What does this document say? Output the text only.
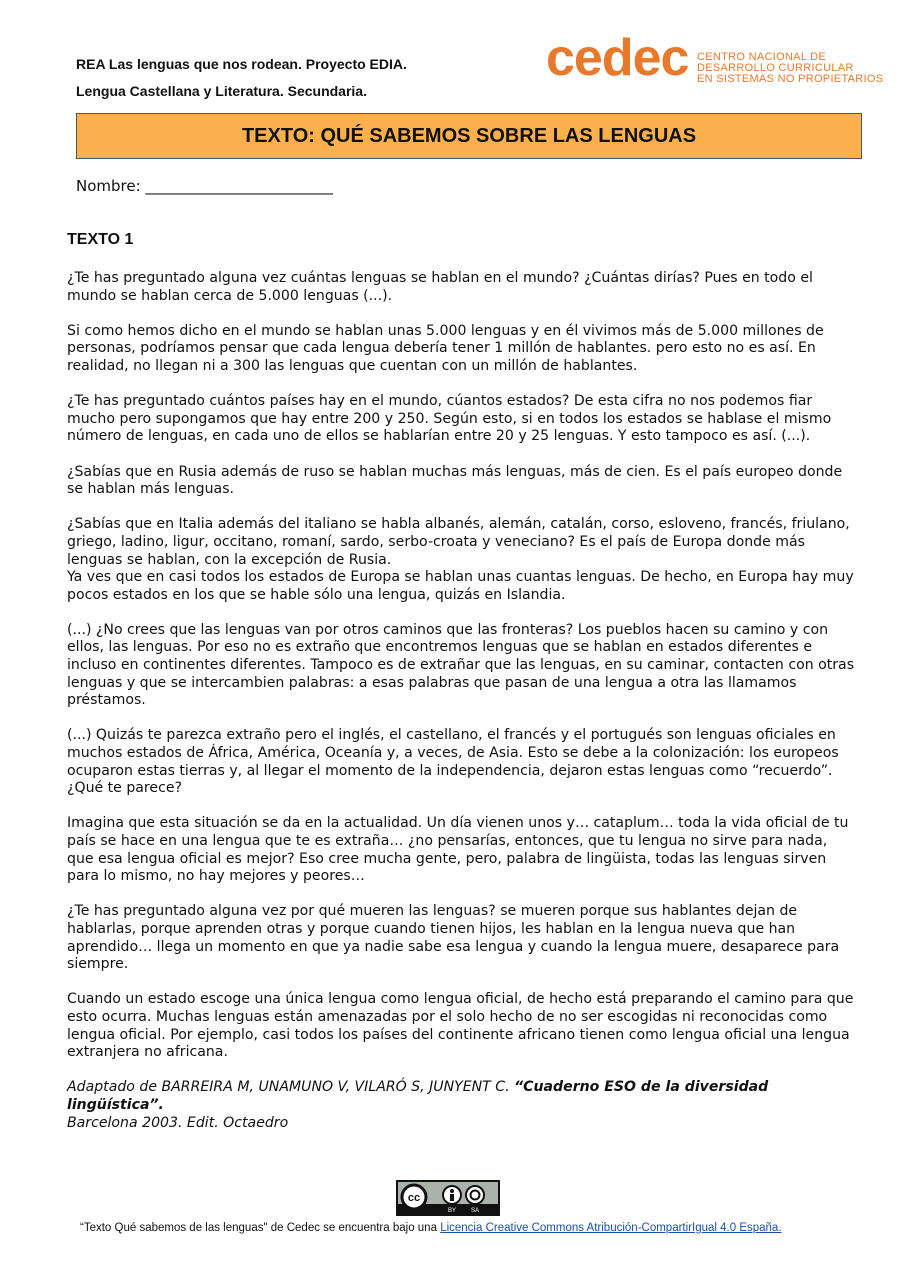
REA Las lenguas que nos rodean. Proyecto EDIA.
Lengua Castellana y Literatura. Secundaria.
cedec CENTRO NACIONAL DE
DESARROLLO CURRICULAR
EN SISTEMAS NO PROPIETARIOS
TEXTO: QUÉ SABEMOS SOBRE LAS LENGUAS
Nombre: _________________________
TEXTO 1

¿Te has preguntado alguna vez cuántas lenguas se hablan en el mundo? ¿Cuántas dirías? Pues en todo el mundo se hablan cerca de 5.000 lenguas (...).

Si como hemos dicho en el mundo se hablan unas 5.000 lenguas y en él vivimos más de 5.000 millones de personas, podríamos pensar que cada lengua debería tener 1 millón de hablantes. pero esto no es así. En realidad, no llegan ni a 300 las lenguas que cuentan con un millón de hablantes.

¿Te has preguntado cuántos países hay en el mundo, cúantos estados? De esta cifra no nos podemos fiar mucho pero supongamos que hay entre 200 y 250. Según esto, si en todos los estados se hablase el mismo número de lenguas, en cada uno de ellos se hablarían entre 20 y 25 lenguas. Y esto tampoco es así. (...).

¿Sabías que en Rusia además de ruso se hablan muchas más lenguas, más de cien. Es el país europeo donde se hablan más lenguas.

¿Sabías que en Italia además del italiano se habla albanés, alemán, catalán, corso, esloveno, francés, friulano, griego, ladino, ligur, occitano, romaní, sardo, serbo-croata y veneciano? Es el país de Europa donde más lenguas se hablan, con la excepción de Rusia.

Ya ves que en casi todos los estados de Europa se hablan unas cuantas lenguas. De hecho, en Europa hay muy pocos estados en los que se hable sólo una lengua, quizás en Islandia.

(...) ¿No crees que las lenguas van por otros caminos que las fronteras? Los pueblos hacen su camino y con ellos, las lenguas. Por eso no es extraño que encontremos lenguas que se hablan en estados diferentes e incluso en continentes diferentes. Tampoco es de extrañar que las lenguas, en su caminar, contacten con otras lenguas y que se intercambien palabras: a esas palabras que pasan de una lengua a otra las llamamos préstamos.

(...) Quizás te parezca extraño pero el inglés, el castellano, el francés y el portugués son lenguas oficiales en muchos estados de África, América, Oceanía y, a veces, de Asia. Esto se debe a la colonización: los europeos ocuparon estas tierras y, al llegar el momento de la independencia, dejaron estas lenguas como “recuerdo”. ¿Qué te parece?

Imagina que esta situación se da en la actualidad. Un día vienen unos y… cataplum… toda la vida oficial de tu país se hace en una lengua que te es extraña… ¿no pensarías, entonces, que tu lengua no sirve para nada, que esa lengua oficial es mejor? Eso cree mucha gente, pero, palabra de lingüista, todas las lenguas sirven para lo mismo, no hay mejores y peores…

¿Te has preguntado alguna vez por qué mueren las lenguas? se mueren porque sus hablantes dejan de hablarlas, porque aprenden otras y porque cuando tienen hijos, les hablan en la lengua nueva que han aprendido… llega un momento en que ya nadie sabe esa lengua y cuando la lengua muere, desaparece para siempre.

Cuando un estado escoge una única lengua como lengua oficial, de hecho está preparando el camino para que esto ocurra. Muchas lenguas están amenazadas por el solo hecho de no ser escogidas ni reconocidas como lengua oficial. Por ejemplo, casi todos los países del continente africano tienen como lengua oficial una lengua extranjera no africana.

Adaptado de BARREIRA M, UNAMUNO V, VILARÓ S, JUNYENT C. “Cuaderno ESO de la diversidad lingüística”.
Barcelona 2003. Edit. Octaedro

cc
BY SA
“Texto Qué sabemos de las lenguas" de Cedec se encuentra bajo una Licencia Creative Commons Atribución-CompartirIgual 4.0 España.
